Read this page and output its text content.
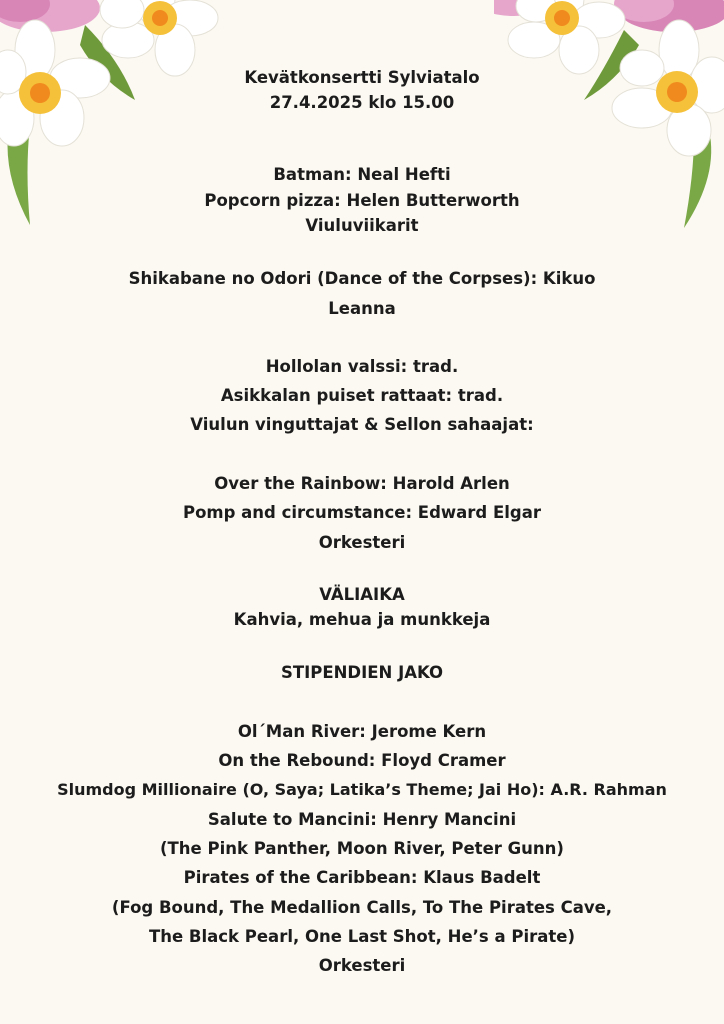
Kevätkonsertti Sylviatalo
27.4.2025 klo 15.00
Batman: Neal Hefti
Popcorn pizza: Helen Butterworth
Viuluviikarit
Shikabane no Odori (Dance of the Corpses): Kikuo
Leanna
Hollolan valssi: trad.
Asikkalan puiset rattaat: trad.
Viulun vinguttajat & Sellon sahaajat:
Over the Rainbow: Harold Arlen
Pomp and circumstance: Edward Elgar
Orkesteri
VÄLIAIKA
Kahvia, mehua ja munkkeja
STIPENDIEN JAKO
Ol´Man River: Jerome Kern
On the Rebound: Floyd Cramer
Slumdog Millionaire (O, Saya; Latika’s Theme; Jai Ho): A.R. Rahman
Salute to Mancini: Henry Mancini
(The Pink Panther, Moon River, Peter Gunn)
Pirates of the Caribbean: Klaus Badelt
(Fog Bound, The Medallion Calls, To The Pirates Cave,
The Black Pearl, One Last Shot, He’s a Pirate)
Orkesteri
